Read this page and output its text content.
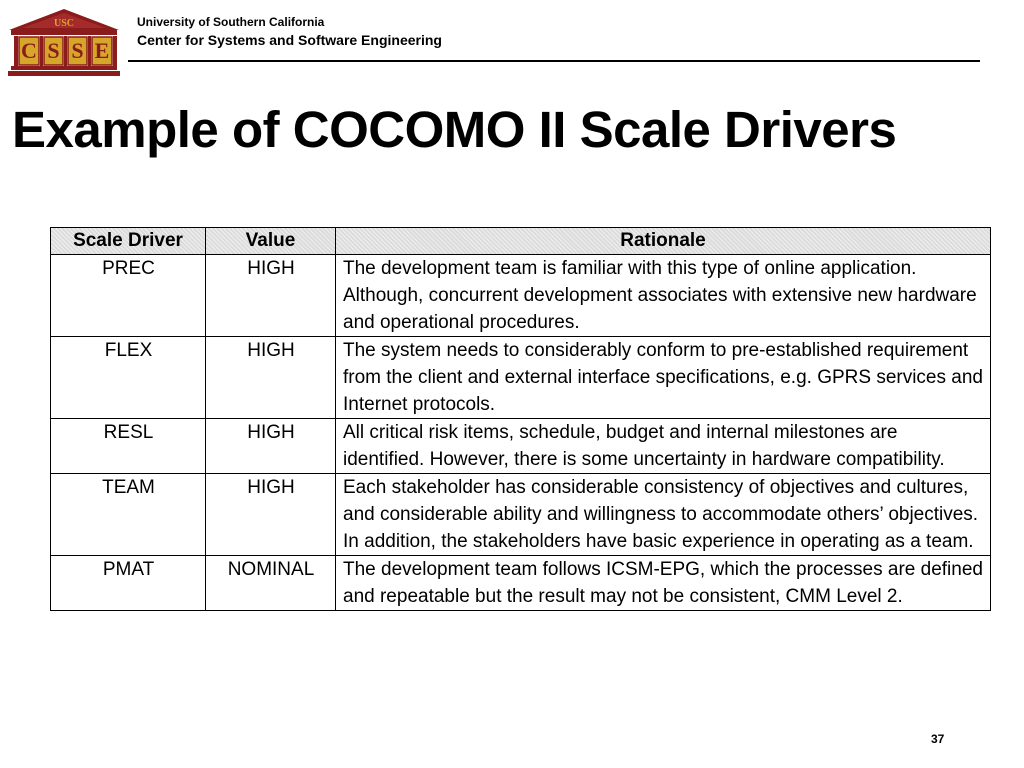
USC
C S S E
University of Southern California
Center for Systems and Software Engineering
Example of COCOMO II Scale Drivers
Scale Driver	Value	Rationale
PREC	HIGH	The development team is familiar with this type of online application. Although, concurrent development associates with extensive new hardware and operational procedures.
FLEX	HIGH	The system needs to considerably conform to pre-established requirement from the client and external interface specifications, e.g. GPRS services and Internet protocols.
RESL	HIGH	All critical risk items, schedule, budget and internal milestones are identified. However, there is some uncertainty in hardware compatibility.
TEAM	HIGH	Each stakeholder has considerable consistency of objectives and cultures, and considerable ability and willingness to accommodate others’ objectives. In addition, the stakeholders have basic experience in operating as a team.
PMAT	NOMINAL	The development team follows ICSM-EPG, which the processes are defined and repeatable but the result may not be consistent, CMM Level 2.
37
